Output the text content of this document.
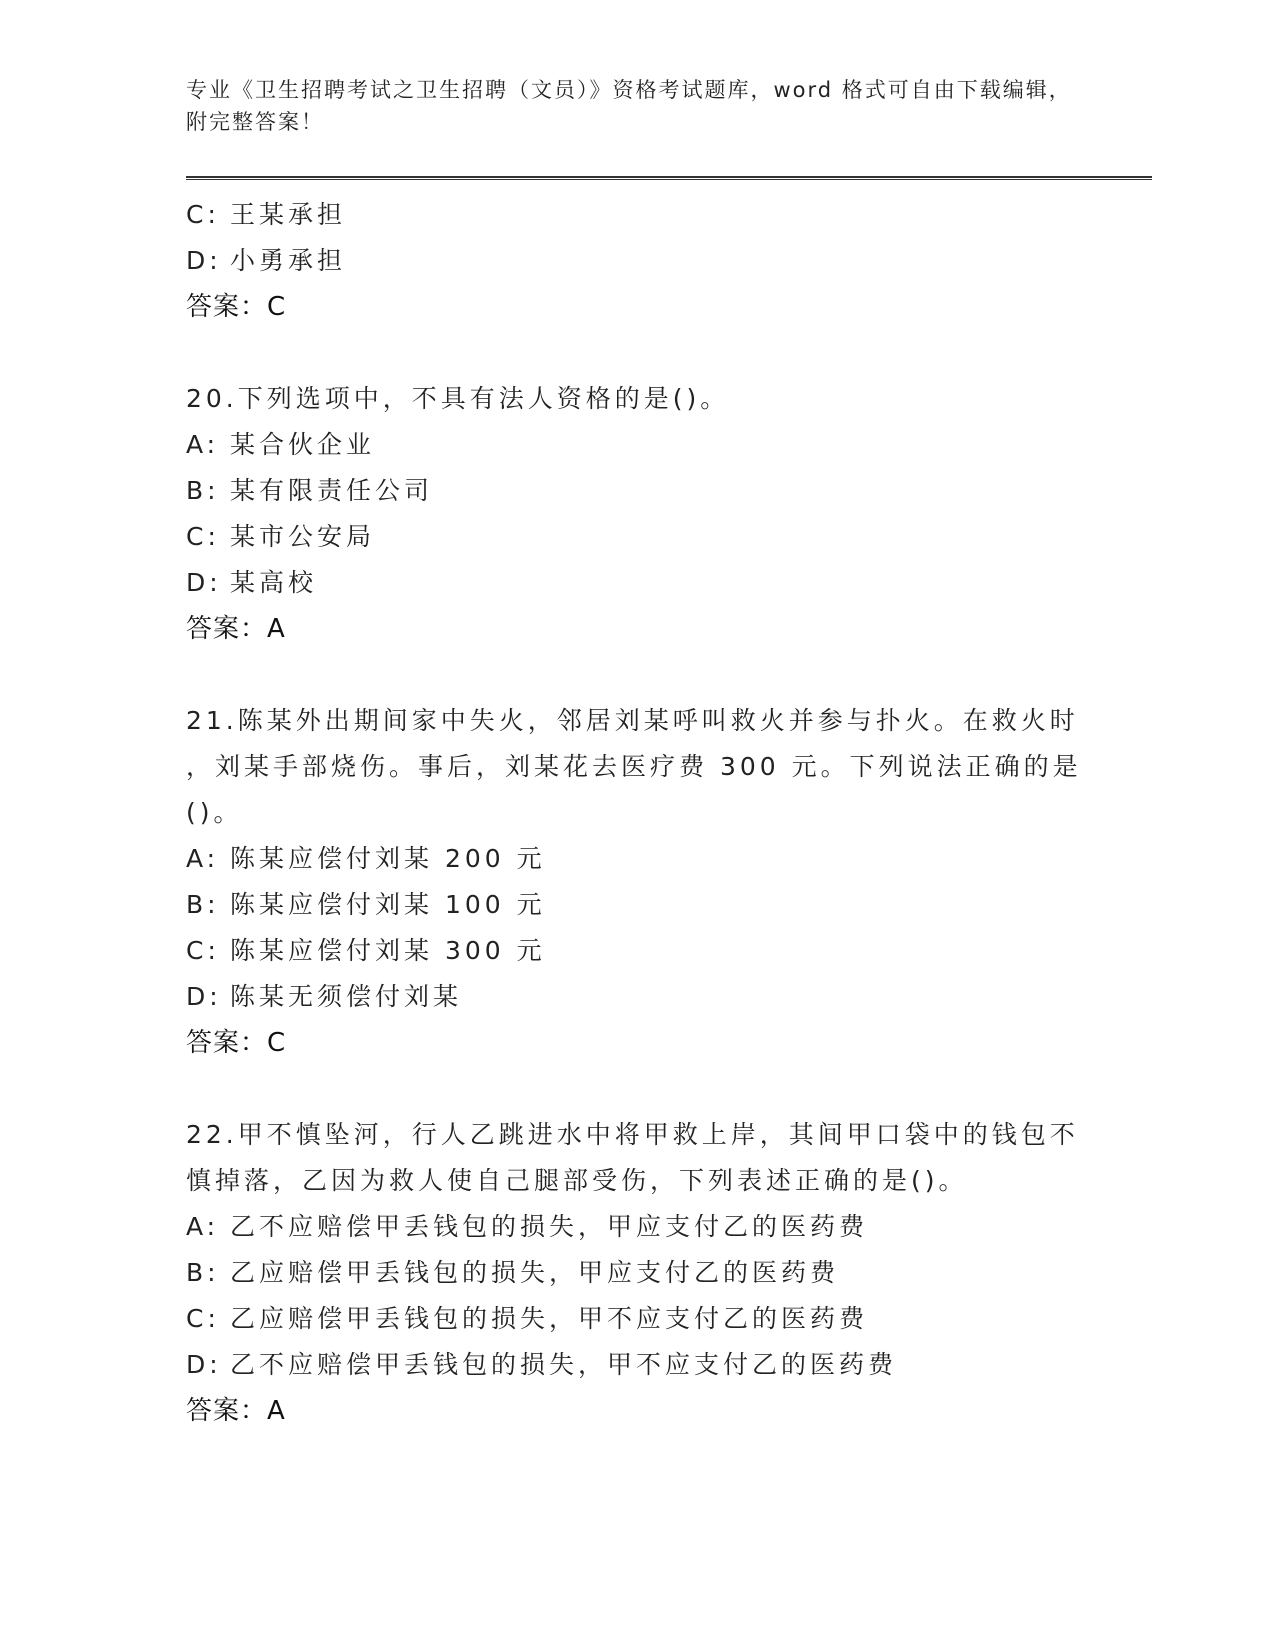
专业《卫生招聘考试之卫生招聘（文员）》资格考试题库，word 格式可自由下载编辑，附完整答案！
C: 王某承担
D: 小勇承担
答案：C
20.下列选项中，不具有法人资格的是()。
A: 某合伙企业
B: 某有限责任公司
C: 某市公安局
D: 某高校
答案：A
21.陈某外出期间家中失火，邻居刘某呼叫救火并参与扑火。在救火时
，刘某手部烧伤。事后，刘某花去医疗费 300 元。下列说法正确的是
()。
A: 陈某应偿付刘某 200 元
B: 陈某应偿付刘某 100 元
C: 陈某应偿付刘某 300 元
D: 陈某无须偿付刘某
答案：C
22.甲不慎坠河，行人乙跳进水中将甲救上岸，其间甲口袋中的钱包不
慎掉落，乙因为救人使自己腿部受伤，下列表述正确的是()。
A: 乙不应赔偿甲丢钱包的损失，甲应支付乙的医药费
B: 乙应赔偿甲丢钱包的损失，甲应支付乙的医药费
C: 乙应赔偿甲丢钱包的损失，甲不应支付乙的医药费
D: 乙不应赔偿甲丢钱包的损失，甲不应支付乙的医药费
答案：A
